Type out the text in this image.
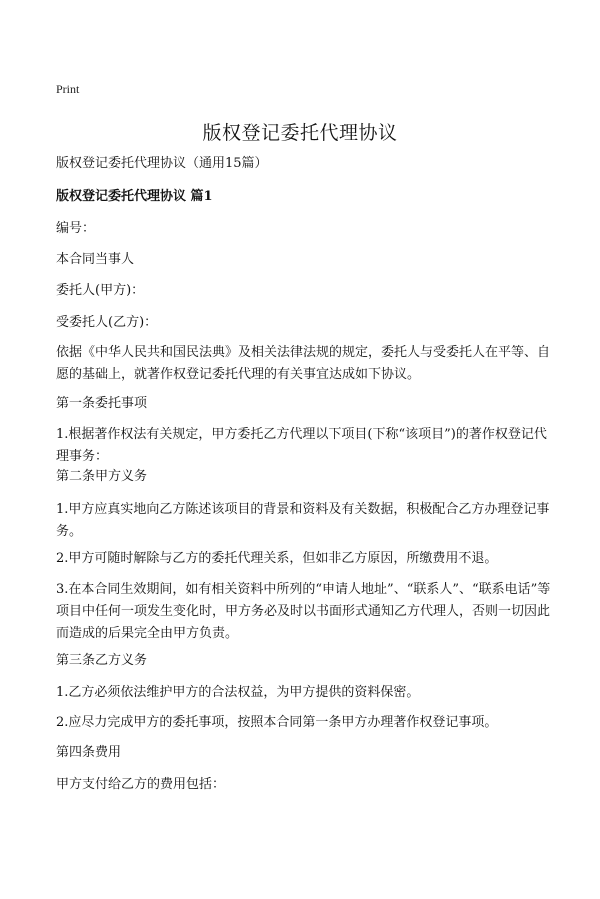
Print
版权登记委托代理协议
版权登记委托代理协议（通用15篇）
版权登记委托代理协议 篇1
编号：
本合同当事人
委托人(甲方)：
受委托人(乙方)：
依据《中华人民共和国民法典》及相关法律法规的规定，委托人与受委托人在平等、自愿的基础上，就著作权登记委托代理的有关事宜达成如下协议。
第一条委托事项
1.根据著作权法有关规定，甲方委托乙方代理以下项目(下称“该项目”)的著作权登记代理事务：
第二条甲方义务
1.甲方应真实地向乙方陈述该项目的背景和资料及有关数据，积极配合乙方办理登记事务。
2.甲方可随时解除与乙方的委托代理关系，但如非乙方原因，所缴费用不退。
3.在本合同生效期间，如有相关资料中所列的“申请人地址”、“联系人”、“联系电话”等项目中任何一项发生变化时，甲方务必及时以书面形式通知乙方代理人，否则一切因此而造成的后果完全由甲方负责。
第三条乙方义务
1.乙方必须依法维护甲方的合法权益，为甲方提供的资料保密。
2.应尽力完成甲方的委托事项，按照本合同第一条甲方办理著作权登记事项。
第四条费用
甲方支付给乙方的费用包括：
